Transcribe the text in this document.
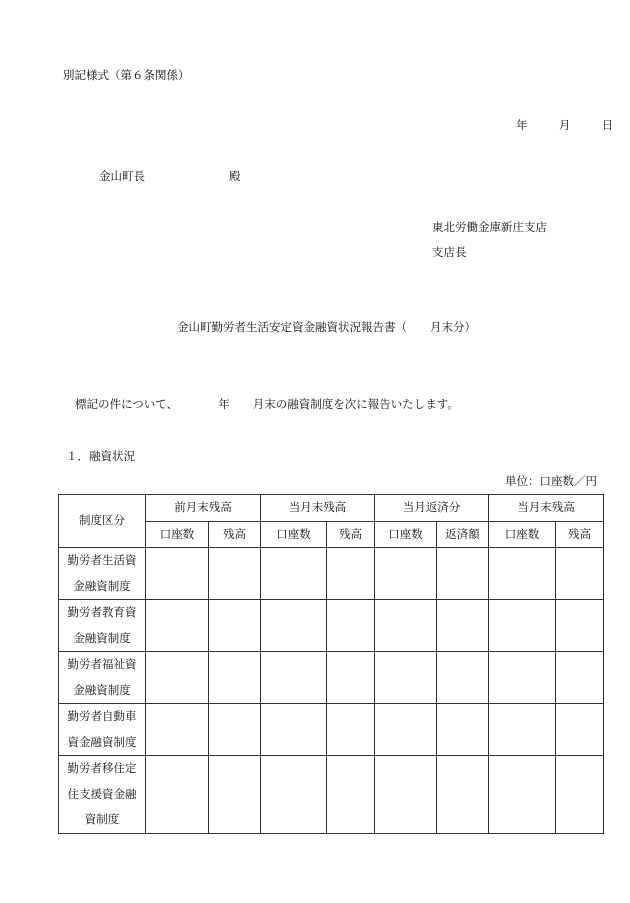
別記様式（第６条関係）
年	月	日
金山町長	殿
東北労働金庫新庄支店
支店長
金山町勤労者生活安定資金融資状況報告書（　　月末分）
標記の件について、　　　　年　　月末の融資制度を次に報告いたします。
１．融資状況
単位：口座数／円
制度区分	前月末残高		当月末残高		当月返済分		当月末残高	
	口座数	残高	口座数	残高	口座数	返済額	口座数	残高

勤労者生活資
金融資制度								

勤労者教育資
金融資制度								

勤労者福祉資
金融資制度								

勤労者自動車
資金融資制度								

勤労者移住定
住支援資金融
資制度								
